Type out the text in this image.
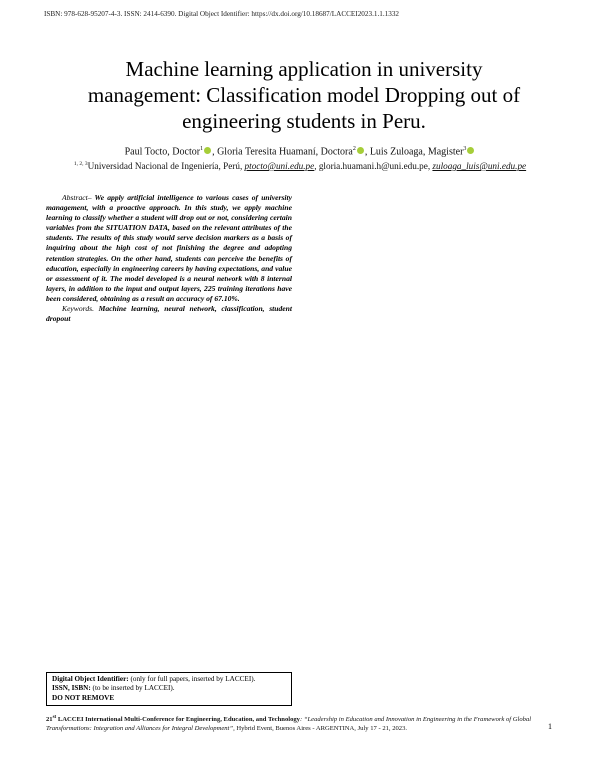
ISBN: 978-628-95207-4-3. ISSN: 2414-6390. Digital Object Identifier: https://dx.doi.org/10.18687/LACCEI2023.1.1.1332
Machine learning application in university
management: Classification model Dropping out of
engineering students in Peru.
Paul Tocto, Doctor$^1$ , Gloria Teresita Huamaní, Doctora$^2$ , Luis Zuloaga, Magister$^3$
$^{1, 2, 3}$Universidad Nacional de Ingeniería, Perú, ptocto@uni.edu.pe, gloria.huamani.h@uni.edu.pe, zuloaga_luis@uni.edu.pe

Abstract– We apply artificial intelligence to various cases of university management, with a proactive approach. In this study, we apply machine learning to classify whether a student will drop out or not, considering certain variables from the SITUATION DATA, based on the relevant attributes of the students. The results of this study would serve decision markers as a basis of inquiring about the high cost of not finishing the degree and adopting retention strategies. On the other hand, students can perceive the benefits of education, especially in engineering careers by having expectations, and value or assessment of it. The model developed is a neural network with 8 internal layers, in addition to the input and output layers, 225 training iterations have been considered, obtaining as a result an accuracy of 67.10%.

Keywords. Machine learning, neural network, classification, student dropout

Digital Object Identifier: (only for full papers, inserted by LACCEI).
ISSN, ISBN: (to be inserted by LACCEI).
DO NOT REMOVE
21st LACCEI International Multi-Conference for Engineering, Education, and Technology: “Leadership in Education and Innovation in Engineering in the Framework of Global Transformations: Integration and Alliances for Integral Development”, Hybrid Event, Buenos Aires - ARGENTINA, July 17 - 21, 2023.	1
